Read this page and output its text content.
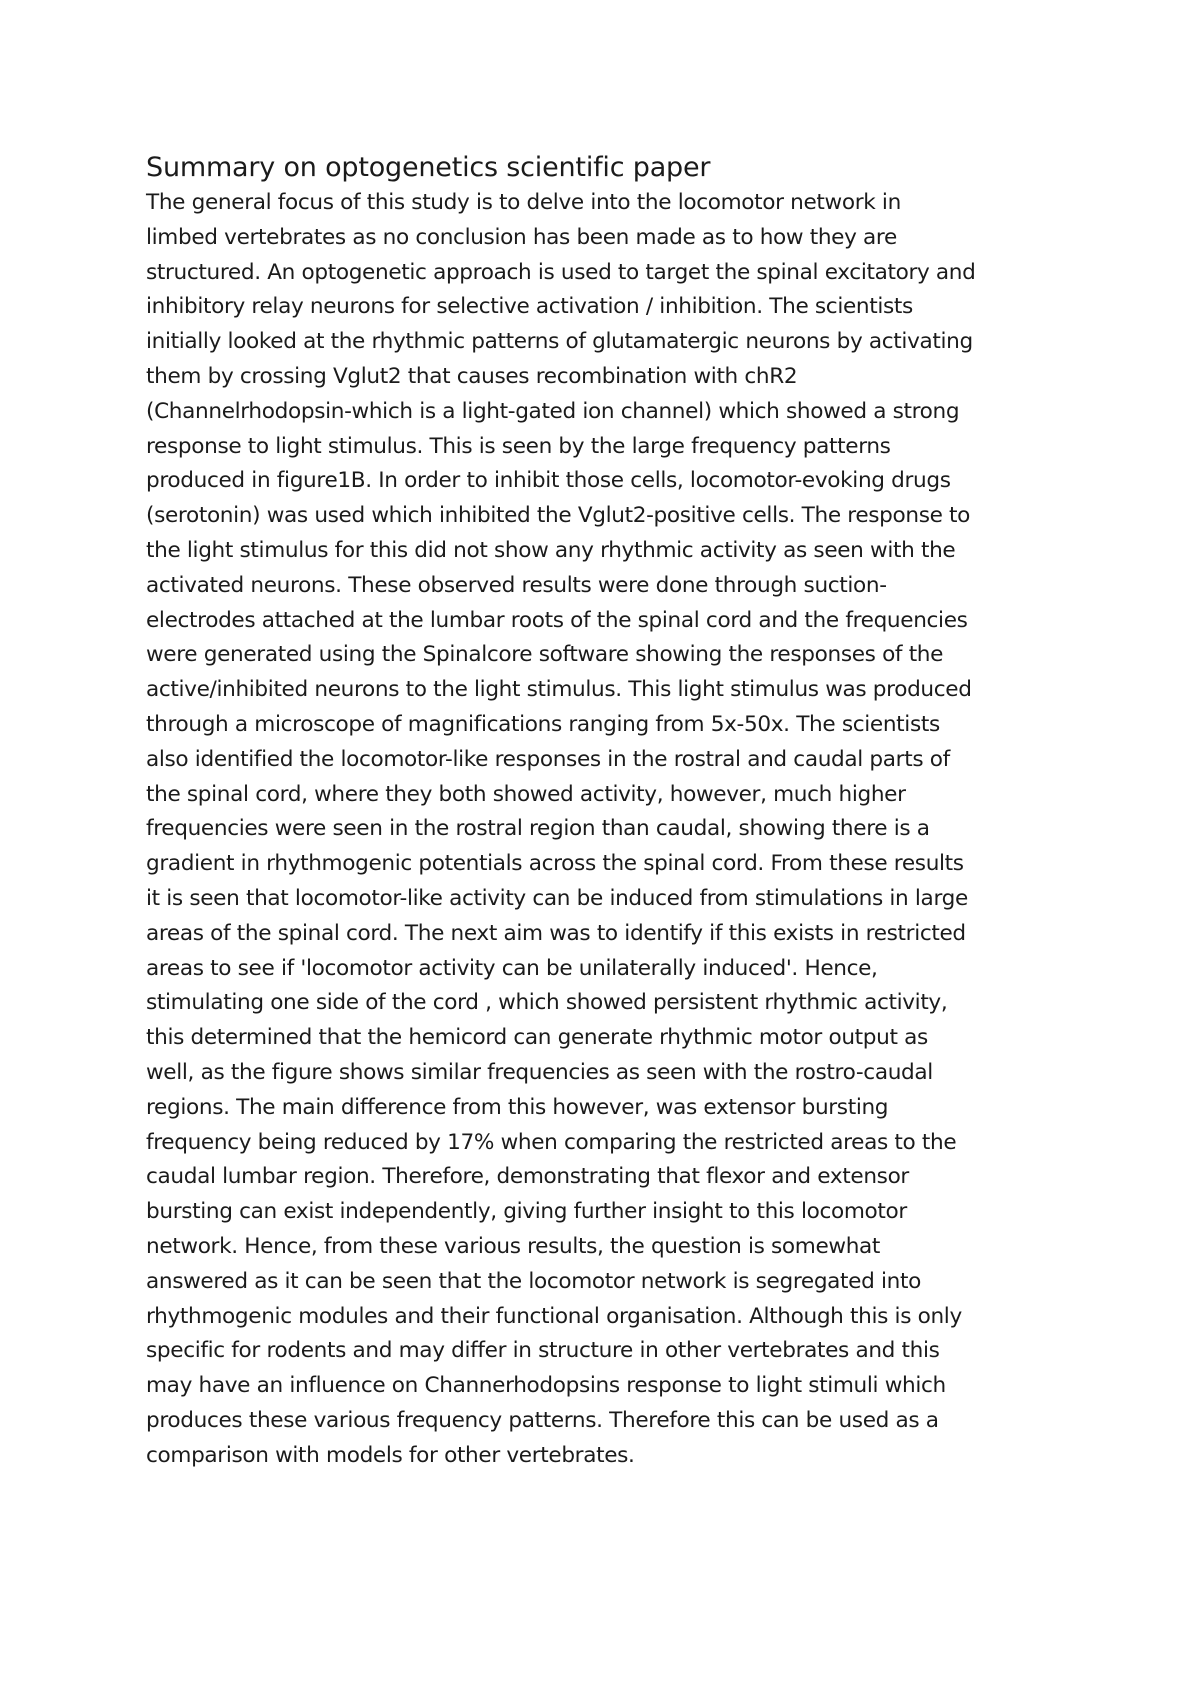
Summary on optogenetics scientific paper
The general focus of this study is to delve into the locomotor network in
limbed vertebrates as no conclusion has been made as to how they are
structured. An optogenetic approach is used to target the spinal excitatory and
inhibitory relay neurons for selective activation / inhibition. The scientists
initially looked at the rhythmic patterns of glutamatergic neurons by activating
them by crossing Vglut2 that causes recombination with chR2
(Channelrhodopsin-which is a light-gated ion channel) which showed a strong
response to light stimulus. This is seen by the large frequency patterns
produced in figure1B. In order to inhibit those cells, locomotor-evoking drugs
(serotonin) was used which inhibited the Vglut2-positive cells. The response to
the light stimulus for this did not show any rhythmic activity as seen with the
activated neurons. These observed results were done through suction-
electrodes attached at the lumbar roots of the spinal cord and the frequencies
were generated using the Spinalcore software showing the responses of the
active/inhibited neurons to the light stimulus. This light stimulus was produced
through a microscope of magnifications ranging from 5x-50x. The scientists
also identified the locomotor-like responses in the rostral and caudal parts of
the spinal cord, where they both showed activity, however, much higher
frequencies were seen in the rostral region than caudal, showing there is a
gradient in rhythmogenic potentials across the spinal cord. From these results
it is seen that locomotor-like activity can be induced from stimulations in large
areas of the spinal cord. The next aim was to identify if this exists in restricted
areas to see if 'locomotor activity can be unilaterally induced'. Hence,
stimulating one side of the cord , which showed persistent rhythmic activity,
this determined that the hemicord can generate rhythmic motor output as
well, as the figure shows similar frequencies as seen with the rostro-caudal
regions. The main difference from this however, was extensor bursting
frequency being reduced by 17% when comparing the restricted areas to the
caudal lumbar region. Therefore, demonstrating that flexor and extensor
bursting can exist independently, giving further insight to this locomotor
network. Hence, from these various results, the question is somewhat
answered as it can be seen that the locomotor network is segregated into
rhythmogenic modules and their functional organisation. Although this is only
specific for rodents and may differ in structure in other vertebrates and this
may have an influence on Channerhodopsins response to light stimuli which
produces these various frequency patterns. Therefore this can be used as a
comparison with models for other vertebrates.
